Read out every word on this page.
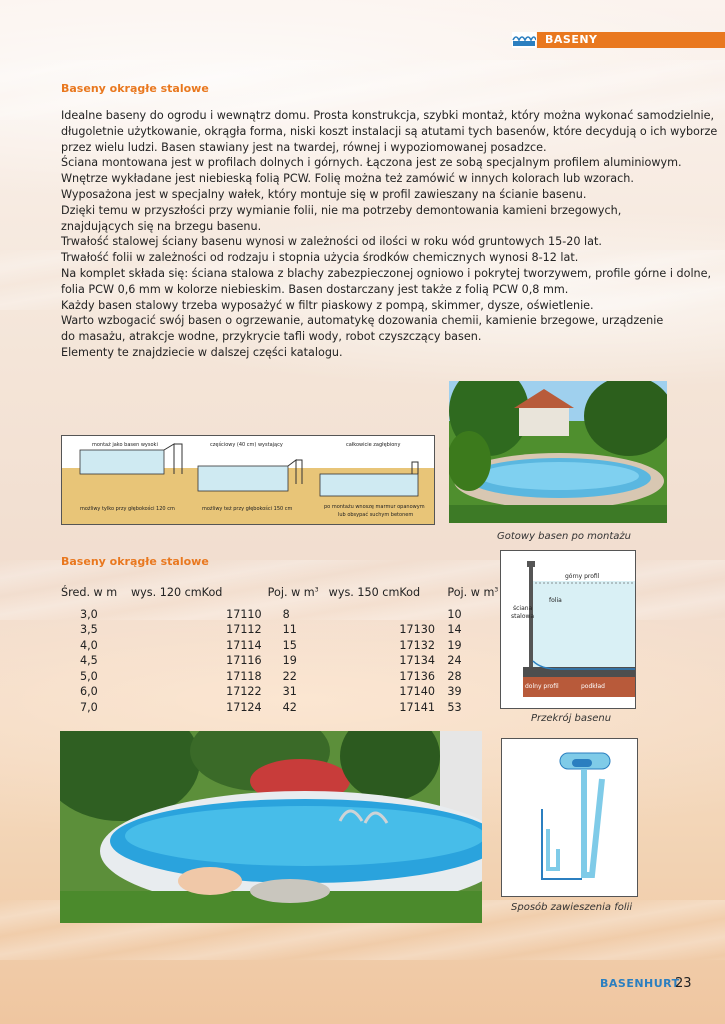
BASENY
Baseny okrągłe stalowe
Idealne baseny do ogrodu i wewnątrz domu. Prosta konstrukcja, szybki montaż, który można wykonać samodzielnie,
długoletnie użytkowanie, okrągła forma, niski koszt instalacji są atutami tych basenów, które decydują o ich wyborze
przez wielu ludzi. Basen stawiany jest na twardej, równej i wypoziomowanej posadzce.
Ściana montowana jest w profilach dolnych i górnych. Łączona jest ze sobą specjalnym profilem aluminiowym.
Wnętrze wykładane jest niebieską folią PCW. Folię można też zamówić w innych kolorach lub wzorach.
Wyposażona jest w specjalny wałek, który montuje się w profil zawieszany na ścianie basenu.
Dzięki temu w przyszłości przy wymianie folii, nie ma potrzeby demontowania kamieni brzegowych,
znajdujących się na brzegu basenu.
Trwałość stalowej ściany basenu wynosi w zależności od ilości w roku wód gruntowych 15-20 lat.
Trwałość folii w zależności od rodzaju i stopnia użycia środków chemicznych wynosi 8-12 lat.
Na komplet składa się: ściana stalowa z blachy zabezpieczonej ogniowo i pokrytej tworzywem, profile górne i dolne,
folia PCW 0,6 mm w kolorze niebieskim. Basen dostarczany jest także z folią PCW 0,8 mm.
Każdy basen stalowy trzeba wyposażyć w filtr piaskowy z pompą, skimmer, dysze, oświetlenie.
Warto wzbogacić swój basen o ogrzewanie, automatykę dozowania chemii, kamienie brzegowe, urządzenie
do masażu, atrakcje wodne, przykrycie tafli wody, robot czyszczący basen.
Elementy te znajdziecie w dalszej części katalogu.
Gotowy basen po montażu
montaż jako basen wysoki	częściowy (40 cm) wystający	całkowicie zagłębiony
możliwy tylko przy głębokości 120 cm	możliwy też przy głębokości 150 cm	po montażu wnoszę marmur opanowym
lub obsypać suchym betonem
Baseny okrągłe stalowe
Śred. w m	wys. 120 cm	Kod	Poj. w $m^3$	wys. 150 cm	Kod	Poj. w $m^3$

3,0		17110	8			10
3,5		17112	11		17130	14
4,0		17114	15		17132	19
4,5		17116	19		17134	24
5,0		17118	22		17136	28
6,0		17122	31		17140	39
7,0		17124	42		17141	53
górny profil
folia
ściana
stalowa
dolny profil	podkład
Przekrój basenu
Sposób zawieszenia folii
BASENHURT
23
